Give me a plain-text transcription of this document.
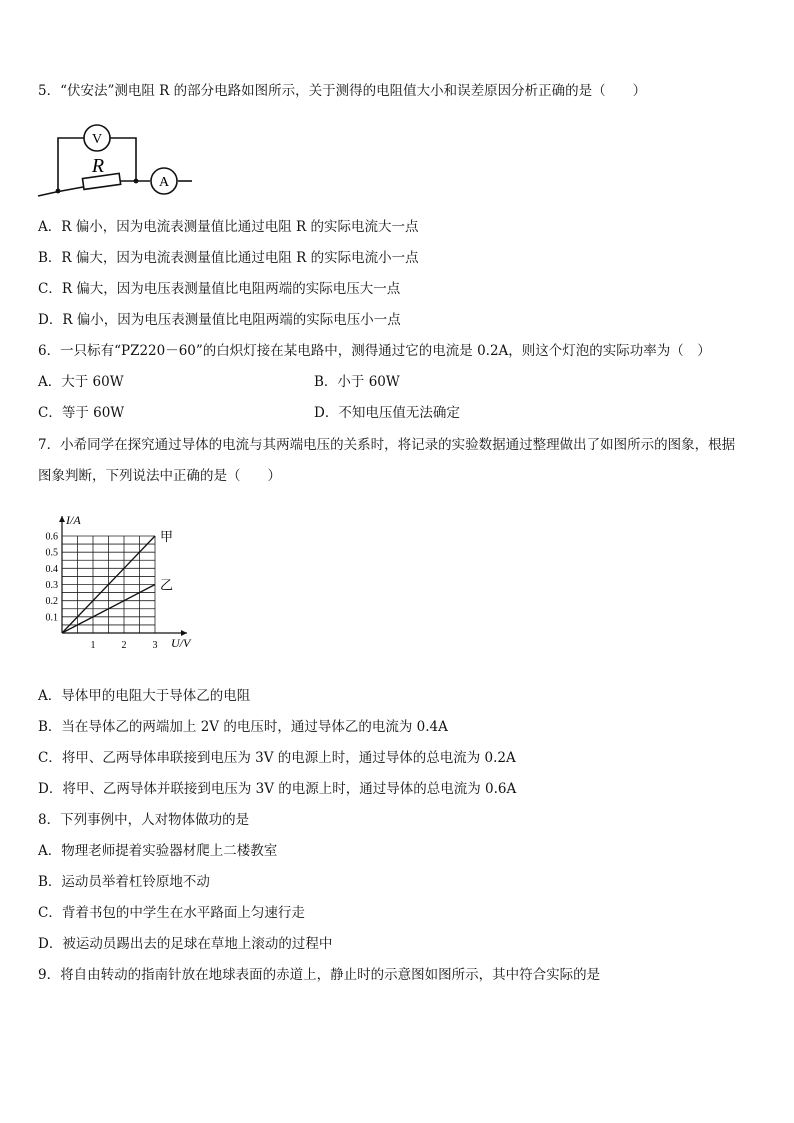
5．“伏安法”测电阻 R 的部分电路如图所示，关于测得的电阻值大小和误差原因分析正确的是（　　）
V
R
A
A．R 偏小，因为电流表测量值比通过电阻 R 的实际电流大一点
B．R 偏大，因为电流表测量值比通过电阻 R 的实际电流小一点
C．R 偏大，因为电压表测量值比电阻两端的实际电压大一点
D．R 偏小，因为电压表测量值比电阻两端的实际电压小一点
6．一只标有“PZ220－60”的白炽灯接在某电路中，测得通过它的电流是 0.2A，则这个灯泡的实际功率为（　）
A．大于 60W	B．小于 60W
C．等于 60W	D．不知电压值无法确定
7．小希同学在探究通过导体的电流与其两端电压的关系时，将记录的实验数据通过整理做出了如图所示的图象，根据
图象判断，下列说法中正确的是（　　）
I/A
U/V
1	2	3
0.1
0.2
0.3
0.4
0.5
0.6	甲
乙
A．导体甲的电阻大于导体乙的电阻
B．当在导体乙的两端加上 2V 的电压时，通过导体乙的电流为 0.4A
C．将甲、乙两导体串联接到电压为 3V 的电源上时，通过导体的总电流为 0.2A
D．将甲、乙两导体并联接到电压为 3V 的电源上时，通过导体的总电流为 0.6A
8．下列事例中，人对物体做功的是
A．物理老师提着实验器材爬上二楼教室
B．运动员举着杠铃原地不动
C．背着书包的中学生在水平路面上匀速行走
D．被运动员踢出去的足球在草地上滚动的过程中
9．将自由转动的指南针放在地球表面的赤道上，静止时的示意图如图所示，其中符合实际的是
